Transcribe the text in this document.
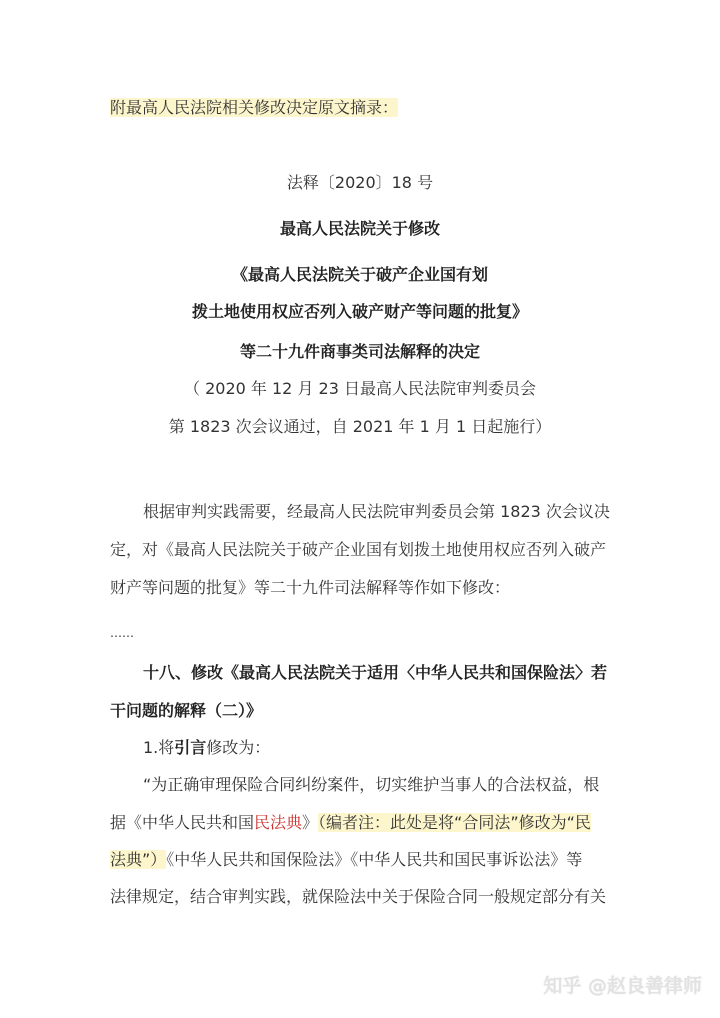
附最高人民法院相关修改决定原文摘录：
法释〔2020〕18 号
最高人民法院关于修改
《最高人民法院关于破产企业国有划
拨土地使用权应否列入破产财产等问题的批复》
等二十九件商事类司法解释的决定
（ 2020 年 12 月 23 日最高人民法院审判委员会
第 1823 次会议通过，自 2021 年 1 月 1 日起施行）
根据审判实践需要，经最高人民法院审判委员会第 1823 次会议决
定，对《最高人民法院关于破产企业国有划拨土地使用权应否列入破产
财产等问题的批复》等二十九件司法解释等作如下修改：
……
十八、修改《最高人民法院关于适用〈中华人民共和国保险法〉若
干问题的解释（二）》
1.将引言修改为：
“为正确审理保险合同纠纷案件，切实维护当事人的合法权益，根
据《中华人民共和国民法典》（编者注：此处是将“合同法”修改为“民
法典”）《中华人民共和国保险法》《中华人民共和国民事诉讼法》等
法律规定，结合审判实践，就保险法中关于保险合同一般规定部分有关
知乎 @赵良善律师
